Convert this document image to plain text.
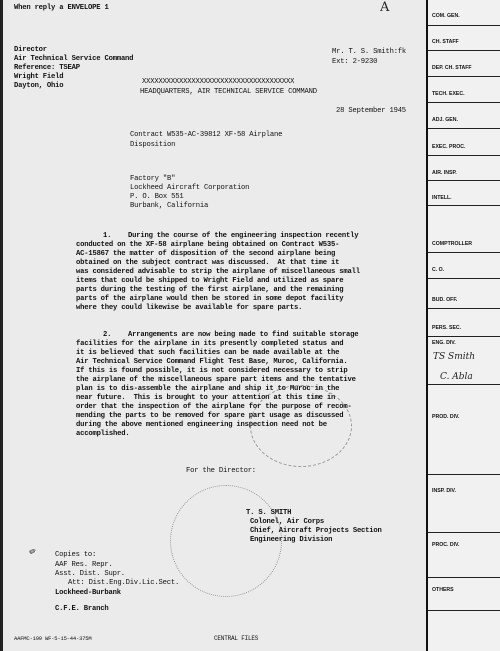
When reply a ENVELOPE 1	A
Director
Air Technical Service Command
Reference: TSEAP
Wright Field
Dayton, Ohio
Mr. T. S. Smith:fk
Ext: 2-9230
XXXXXXXXXXXXXXXXXXXXXXXXXXXXXXXXXXXXX
HEADQUARTERS, AIR TECHNICAL SERVICE COMMAND
28 September 1945
Contract W535-AC-39812 XF-58 Airplane
Disposition
Factory "B"
Lockheed Aircraft Corporation
P. O. Box 551
Burbank, California
1. During the course of the engineering inspection recently
conducted on the XF-58 airplane being obtained on Contract W535-
AC-15867 the matter of disposition of the second airplane being
obtained on the subject contract was discussed.  At that time it
was considered advisable to strip the airplane of miscellaneous small
items that could be shipped to Wright Field and utilized as spare
parts during the testing of the first airplane, and the remaining
parts of the airplane would then be stored in some depot facility
where they could likewise be available for spare parts.
2. Arrangements are now being made to find suitable storage
facilities for the airplane in its presently completed status and
it is believed that such facilities can be made available at the
Air Technical Service Command Flight Test Base, Muroc, California.
If this is found possible, it is not considered necessary to strip
the airplane of the miscellaneous spare part items and the tentative
plan is to dis-assemble the airplane and ship it to Muroc in the
near future.  This is brought to your attention at this time in
order that the inspection of the airplane for the purpose of recom-
mending the parts to be removed for spare part usage as discussed
during the above mentioned engineering inspection need not be
accomplished.
For the Director:
T. S. SMITH
Colonel, Air Corps
Chief, Aircraft Projects Section
Engineering Division
Copies to:
AAF Res. Repr.
Asst. Dist. Supr.
Att: Dist.Eng.Div.Lic.Sect.
Lockheed-Burbank
C.F.E. Branch
✎
AAFMC-199 WF-5-15-44-375M	CENTRAL FILES
COM. GEN.
CH. STAFF
DEP. CH. STAFF
TECH. EXEC.
ADJ. GEN.
EXEC. PROC.
AIR. INSP.
INTELL.
COMPTROLLER
C. O.
BUD. OFF.
PERS. SEC.
ENG. DIV.
PROD. DIV.
INSP. DIV.
PROC. DIV.
OTHERS
TS Smith
C. Abla
